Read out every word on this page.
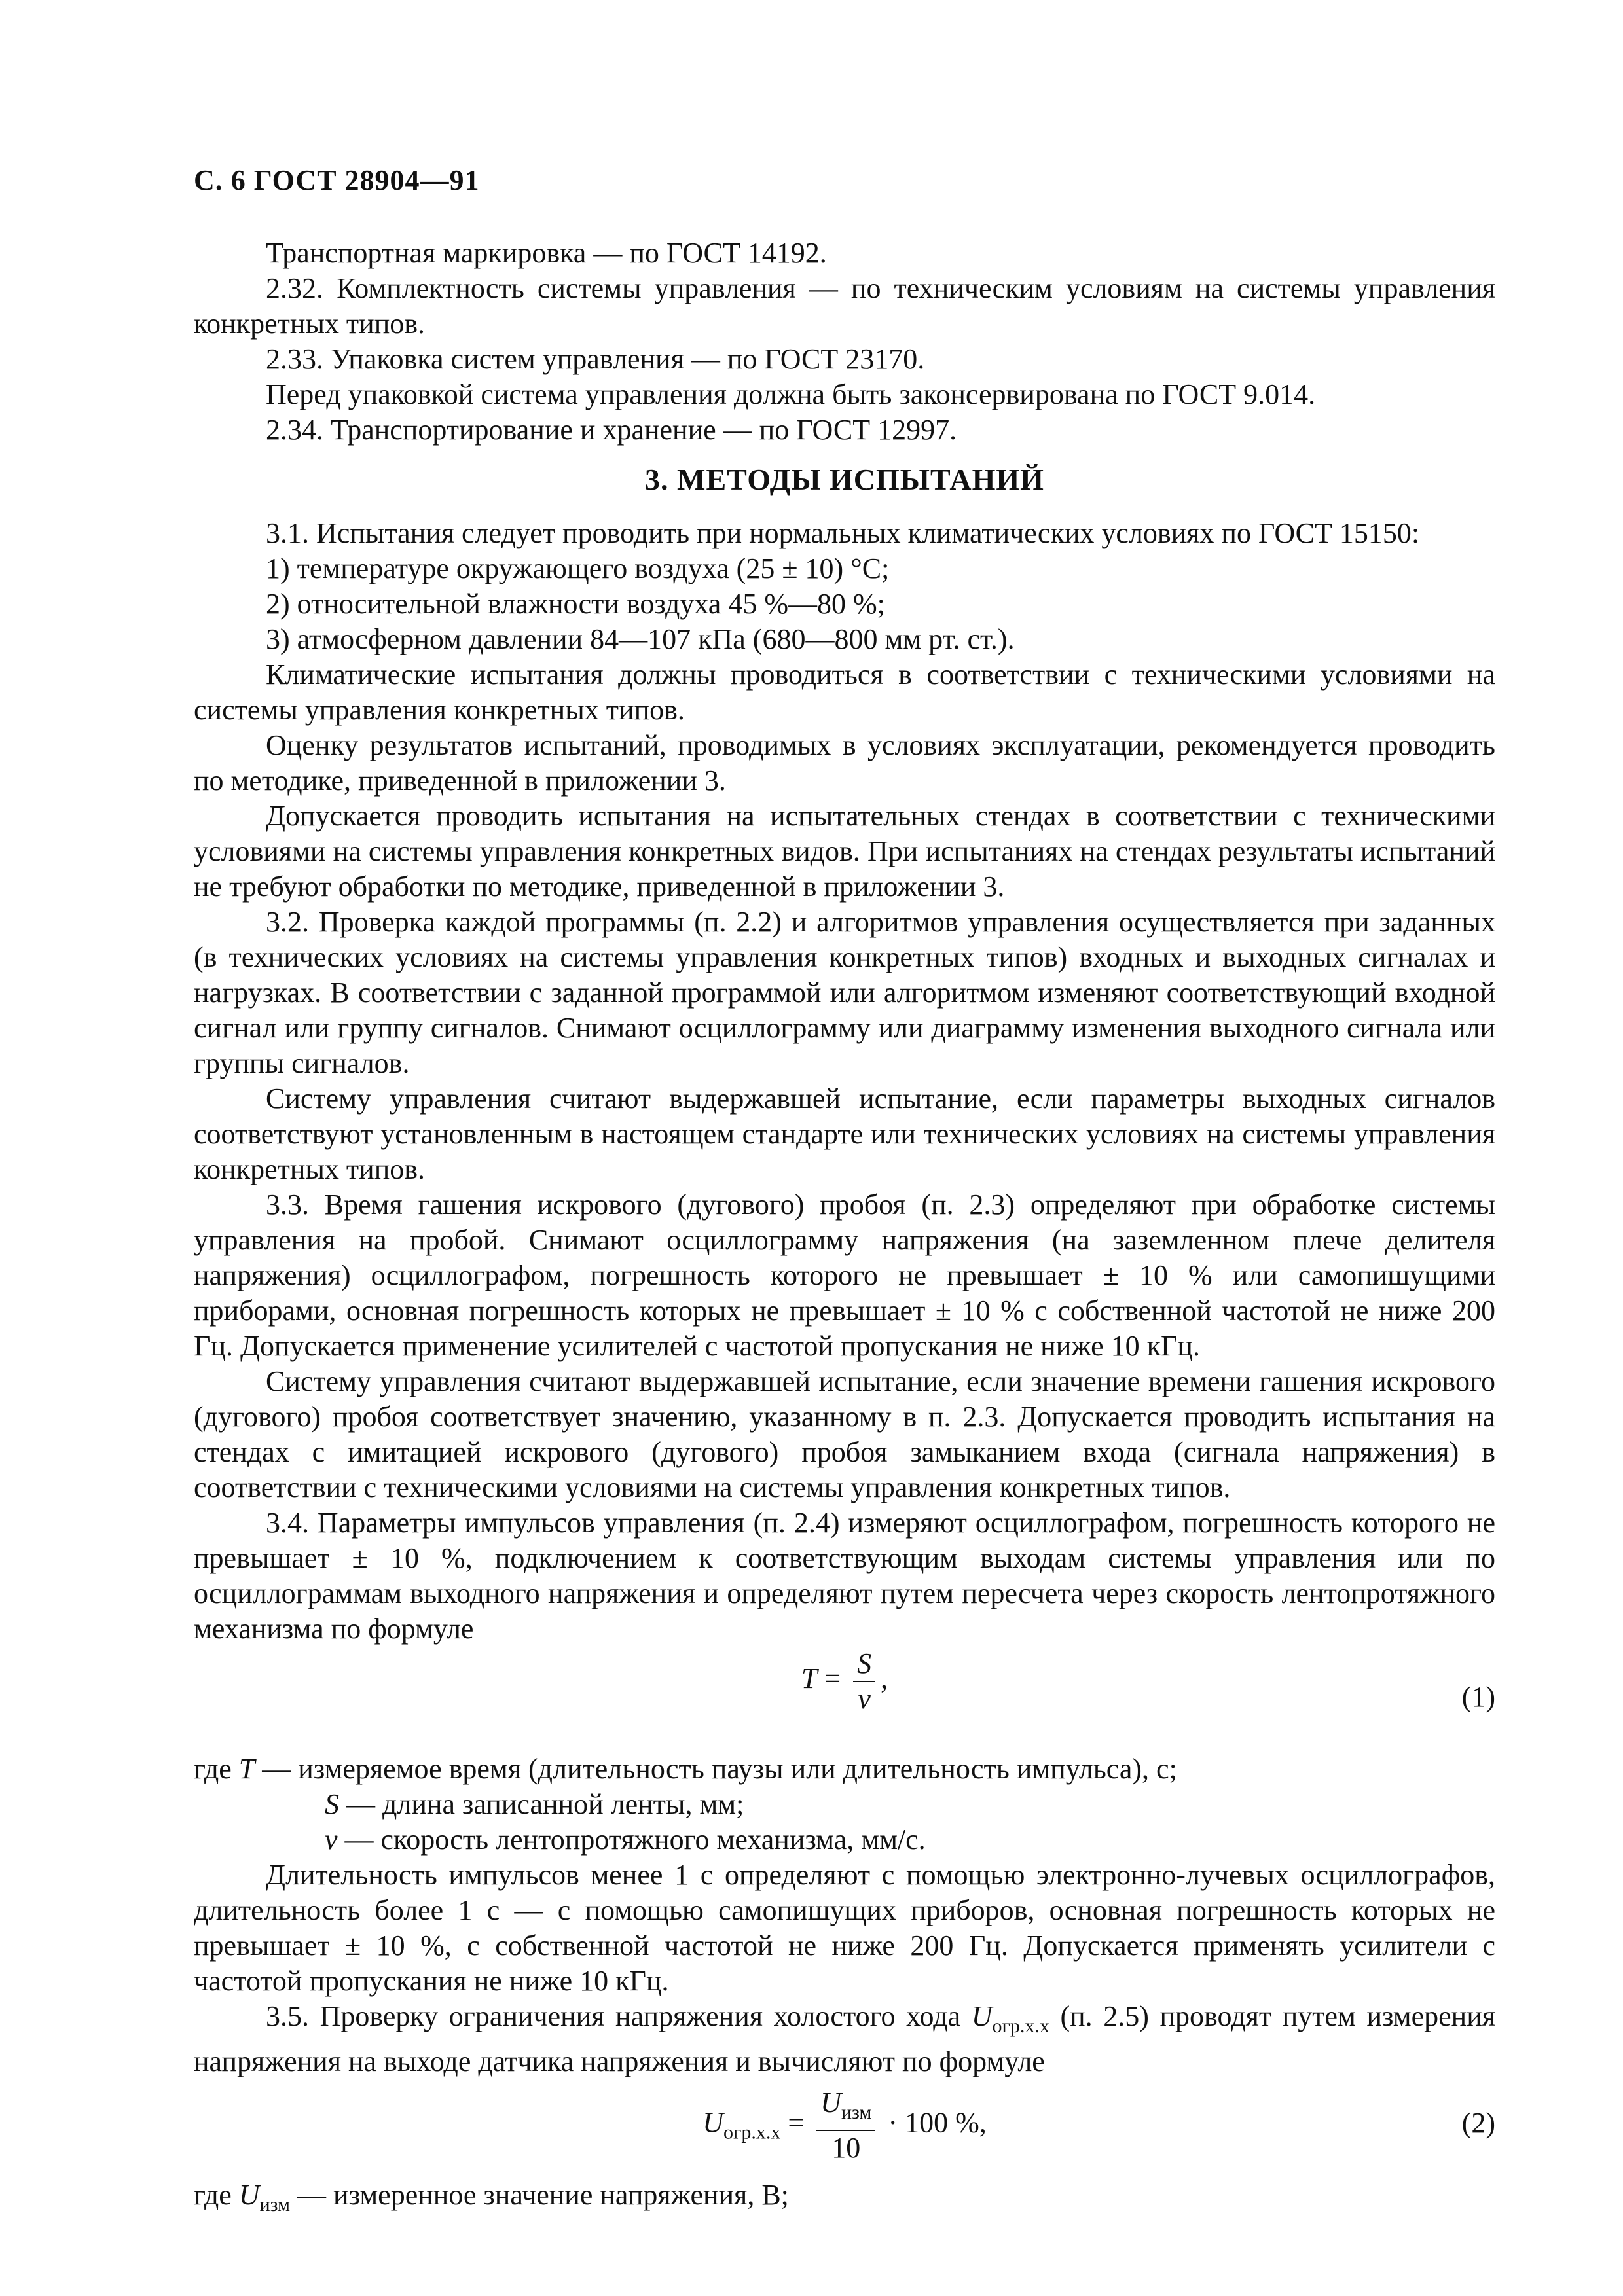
С. 6 ГОСТ 28904—91

Транспортная маркировка — по ГОСТ 14192.

2.32. Комплектность системы управления — по техническим условиям на системы управления конкретных типов.

2.33. Упаковка систем управления — по ГОСТ 23170.

Перед упаковкой система управления должна быть законсервирована по ГОСТ 9.014.

2.34. Транспортирование и хранение — по ГОСТ 12997.

3. МЕТОДЫ ИСПЫТАНИЙ

3.1. Испытания следует проводить при нормальных климатических условиях по ГОСТ 15150:

1) температуре окружающего воздуха (25 ± 10) °C;

2) относительной влажности воздуха 45 %—80 %;

3) атмосферном давлении 84—107 кПа (680—800 мм рт. ст.).

Климатические испытания должны проводиться в соответствии с техническими условиями на системы управления конкретных типов.

Оценку результатов испытаний, проводимых в условиях эксплуатации, рекомендуется проводить по методике, приведенной в приложении 3.

Допускается проводить испытания на испытательных стендах в соответствии с техническими условиями на системы управления конкретных видов. При испытаниях на стендах результаты испытаний не требуют обработки по методике, приведенной в приложении 3.

3.2. Проверка каждой программы (п. 2.2) и алгоритмов управления осуществляется при заданных (в технических условиях на системы управления конкретных типов) входных и выходных сигналах и нагрузках. В соответствии с заданной программой или алгоритмом изменяют соответствующий входной сигнал или группу сигналов. Снимают осциллограмму или диаграмму изменения выходного сигнала или группы сигналов.

Систему управления считают выдержавшей испытание, если параметры выходных сигналов соответствуют установленным в настоящем стандарте или технических условиях на системы управления конкретных типов.

3.3. Время гашения искрового (дугового) пробоя (п. 2.3) определяют при обработке системы управления на пробой. Снимают осциллограмму напряжения (на заземленном плече делителя напряжения) осциллографом, погрешность которого не превышает ± 10 % или самопишущими приборами, основная погрешность которых не превышает ± 10 % с собственной частотой не ниже 200 Гц. Допускается применение усилителей с частотой пропускания не ниже 10 кГц.

Систему управления считают выдержавшей испытание, если значение времени гашения искрового (дугового) пробоя соответствует значению, указанному в п. 2.3. Допускается проводить испытания на стендах с имитацией искрового (дугового) пробоя замыканием входа (сигнала напряжения) в соответствии с техническими условиями на системы управления конкретных типов.

3.4. Параметры импульсов управления (п. 2.4) измеряют осциллографом, погрешность которого не превышает ± 10 %, подключением к соответствующим выходам системы управления или по осциллограммам выходного напряжения и определяют путем пересчета через скорость лентопротяжного механизма по формуле

$T = \frac{S}{v}$ ,
(1)

где T — измеряемое время (длительность паузы или длительность импульса), с;

S — длина записанной ленты, мм;

v — скорость лентопротяжного механизма, мм/с.

Длительность импульсов менее 1 с определяют с помощью электронно-лучевых осциллографов, длительность более 1 с — с помощью самопишущих приборов, основная погрешность которых не превышает ± 10 %, с собственной частотой не ниже 200 Гц. Допускается применять усилители с частотой пропускания не ниже 10 кГц.

3.5. Проверку ограничения напряжения холостого хода $U_{огр.х.х}$ (п. 2.5) проводят путем измерения напряжения на выходе датчика напряжения и вычисляют по формуле

$U_{огр.х.х} = \frac{U_{изм}}{10} \cdot 100$ %,	(2)

где $U_{изм}$ — измеренное значение напряжения, В;
